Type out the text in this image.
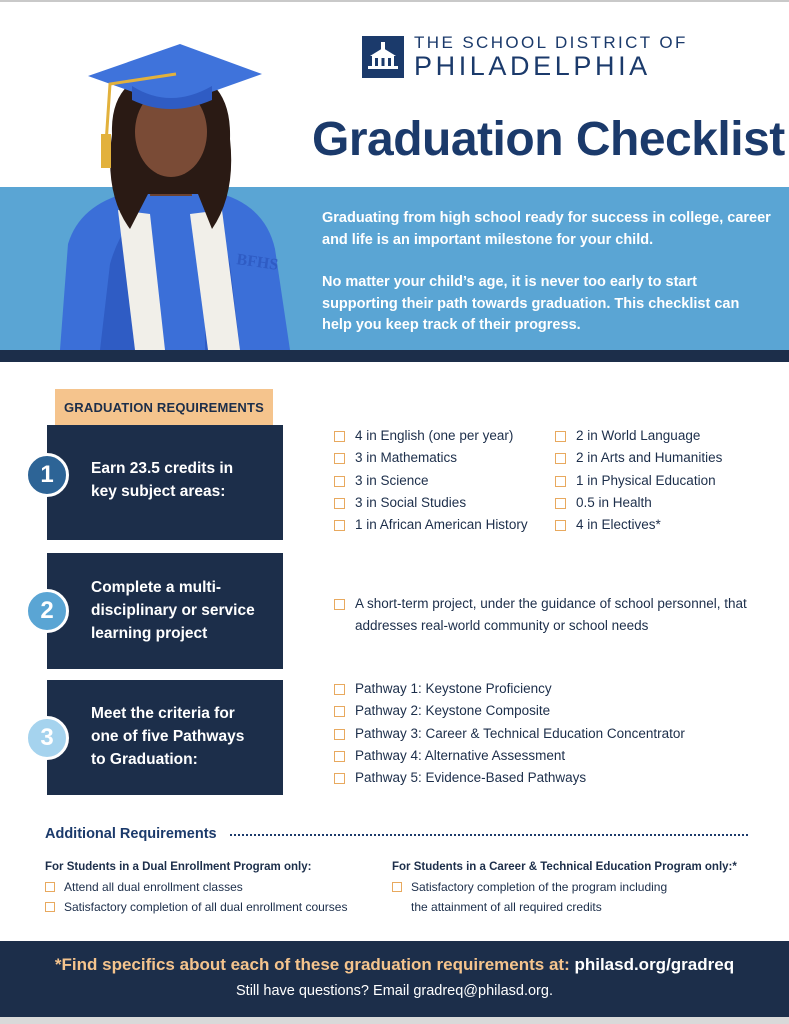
THE SCHOOL DISTRICT OF
PHILADELPHIA
Graduation Checklist

Graduating from high school ready for success in college, career and life is an important milestone for your child.

No matter your child’s age, it is never too early to start supporting their path towards graduation. This checklist can help you keep track of their progress.

BFHS
GRADUATION REQUIREMENTS
1	Earn 23.5 credits in key subject areas:
4 in English (one per year)
3 in Mathematics
3 in Science
3 in Social Studies
1 in African American History
2 in World Language
2 in Arts and Humanities
1 in Physical Education
0.5 in Health
4 in Electives*
2
Complete a multi-disciplinary or service learning project
A short-term project, under the guidance of school personnel, that addresses real-world community or school needs
3
Meet the criteria for one of five Pathways to Graduation:
Pathway 1: Keystone Proficiency
Pathway 2: Keystone Composite
Pathway 3: Career & Technical Education Concentrator
Pathway 4: Alternative Assessment
Pathway 5: Evidence-Based Pathways
Additional Requirements
For Students in a Dual Enrollment Program only:
Attend all dual enrollment classes
Satisfactory completion of all dual enrollment courses
For Students in a Career & Technical Education Program only:*
Satisfactory completion of the program including
the attainment of all required credits
*Find specifics about each of these graduation requirements at: philasd.org/gradreq
Still have questions? Email gradreq@philasd.org.
